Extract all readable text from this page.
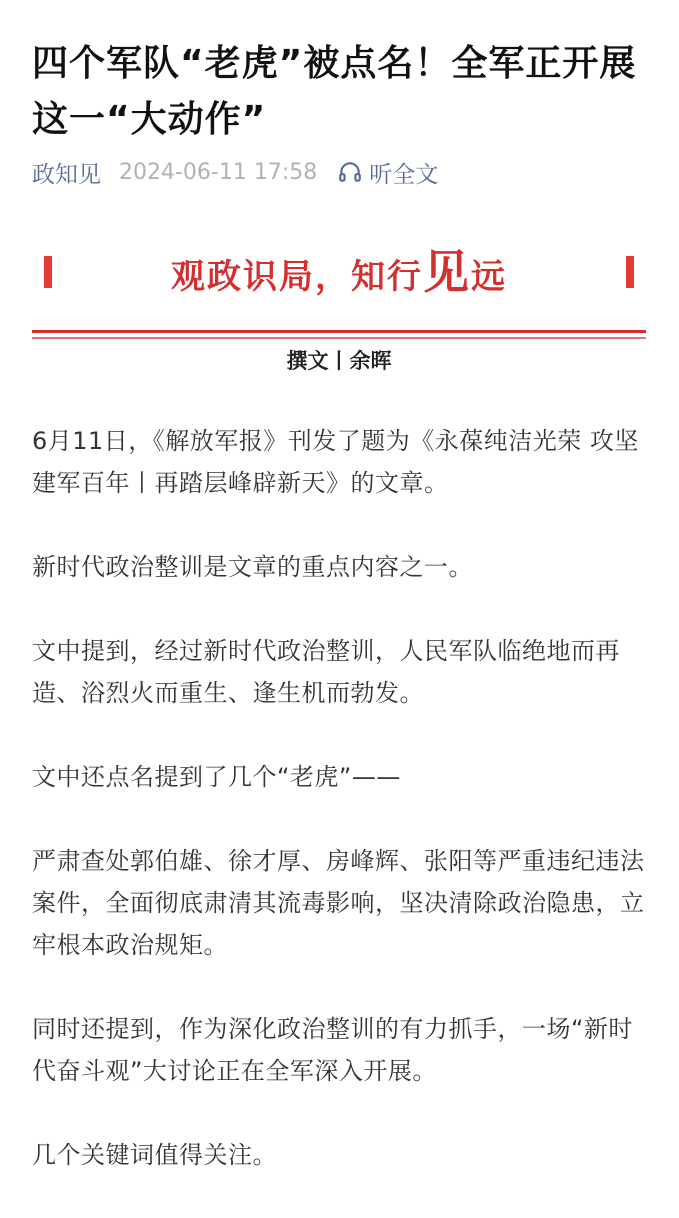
四个军队“老虎”被点名！全军正开展这一“大动作”
政知见 2024-06-11 17:58 听全文
观政识局，知行见远
撰文丨余晖

6月11日，《解放军报》刊发了题为《永葆纯洁光荣 攻坚建军百年丨再踏层峰辟新天》的文章。

新时代政治整训是文章的重点内容之一。

文中提到，经过新时代政治整训，人民军队临绝地而再造、浴烈火而重生、逢生机而勃发。

文中还点名提到了几个“老虎”——

严肃查处郭伯雄、徐才厚、房峰辉、张阳等严重违纪违法案件，全面彻底肃清其流毒影响，坚决清除政治隐患，立牢根本政治规矩。

同时还提到，作为深化政治整训的有力抓手，一场“新时代奋斗观”大讨论正在全军深入开展。

几个关键词值得关注。
